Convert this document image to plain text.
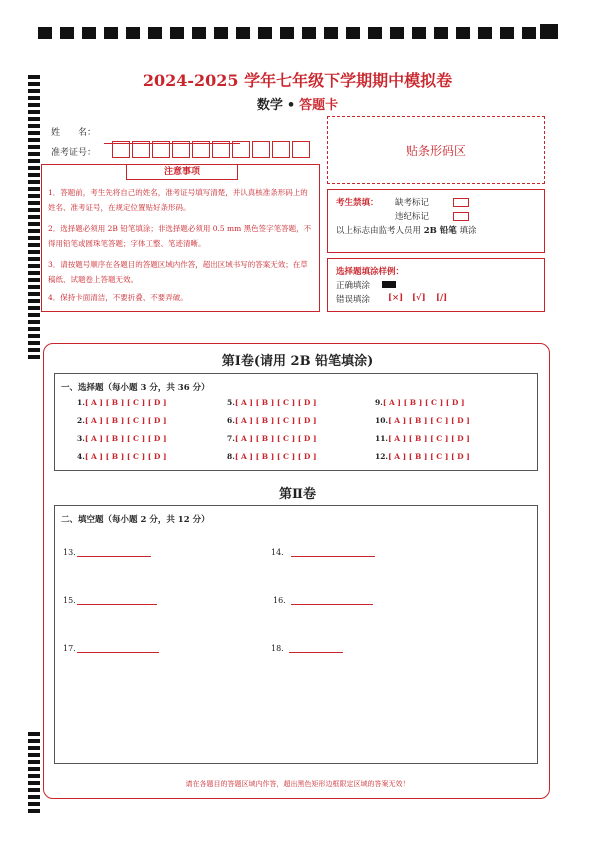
2024-2025 学年七年级下学期期中模拟卷
数学 • 答题卡
姓　　名：
准考证号：	贴条形码区
注意事项
1．答题前，考生先将自己的姓名，准考证号填写清楚，并认真核准条形码上的姓名、准考证号，在规定位置贴好条形码。
2．选择题必须用 2B 铅笔填涂；非选择题必须用 0.5 mm 黑色签字笔答题，不得用铅笔或圆珠笔答题；字体工整、笔迹清晰。
3．请按题号顺序在各题目的答题区域内作答，超出区域书写的答案无效；在草稿纸、试题卷上答题无效。
4．保持卡面清洁，不要折叠、不要弄破。
考生禁填： 缺考标记
违纪标记
以上标志由监考人员用 2B 铅笔 填涂
选择题填涂样例：
正确填涂
错误填涂 [×] [√] [/]
第Ⅰ卷(请用 2B 铅笔填涂)
一、选择题（每小题 3 分，共 36 分）
1.[ A ] [ B ] [ C ] [ D ]
2.[ A ] [ B ] [ C ] [ D ]
3.[ A ] [ B ] [ C ] [ D ]
4.[ A ] [ B ] [ C ] [ D ]
5.[ A ] [ B ] [ C ] [ D ]
6.[ A ] [ B ] [ C ] [ D ]
7.[ A ] [ B ] [ C ] [ D ]
8.[ A ] [ B ] [ C ] [ D ]
9.[ A ] [ B ] [ C ] [ D ]
10.[ A ] [ B ] [ C ] [ D ]
11.[ A ] [ B ] [ C ] [ D ]
12.[ A ] [ B ] [ C ] [ D ]
第Ⅱ卷
二、填空题（每小题 2 分，共 12 分）
13.	14.
15.	16.
17.	18.
请在各题目的答题区域内作答，超出黑色矩形边框限定区域的答案无效！
